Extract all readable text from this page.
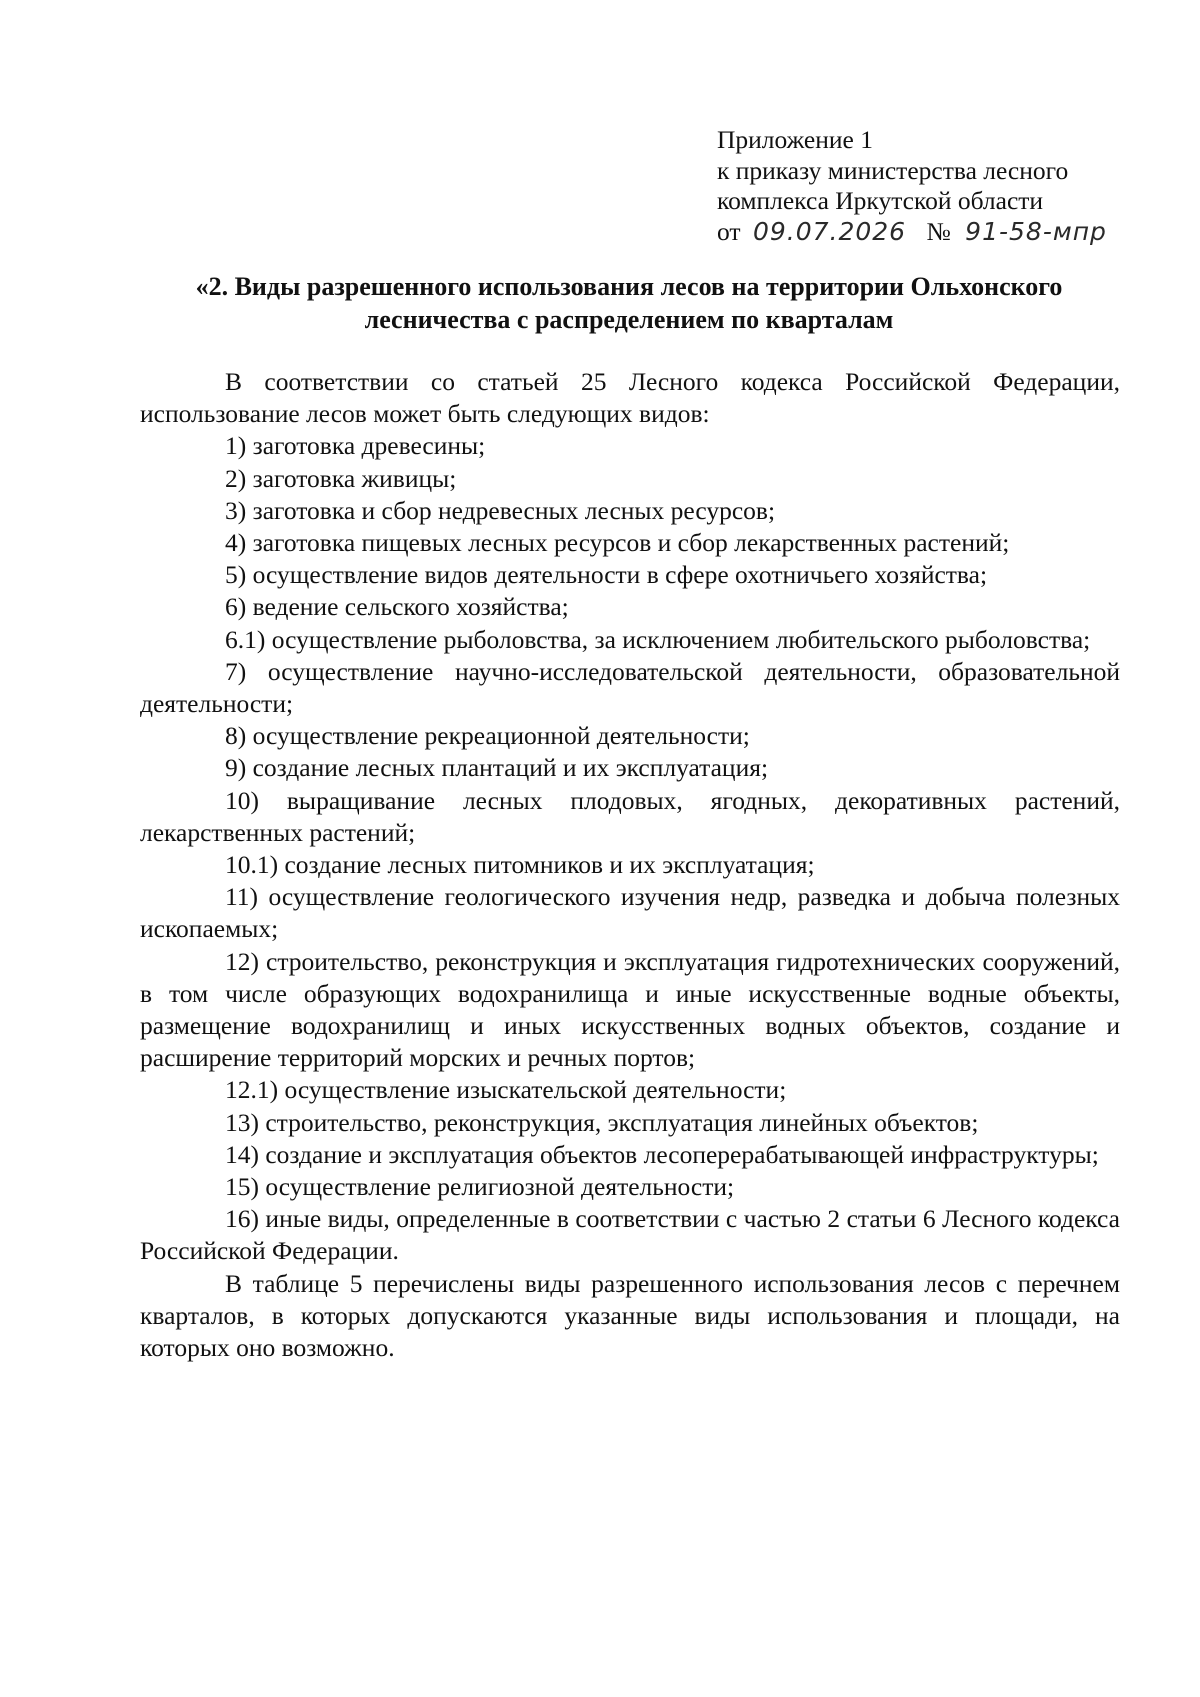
Приложение 1
к приказу министерства лесного
комплекса Иркутской области
от 09.07.2026 № 91-58-мпр
«2. Виды разрешенного использования лесов на территории Ольхонского
лесничества с распределением по кварталам

В соответствии со статьей 25 Лесного кодекса Российской Федерации, использование лесов может быть следующих видов:

1) заготовка древесины;

2) заготовка живицы;

3) заготовка и сбор недревесных лесных ресурсов;

4) заготовка пищевых лесных ресурсов и сбор лекарственных растений;

5) осуществление видов деятельности в сфере охотничьего хозяйства;

6) ведение сельского хозяйства;

6.1) осуществление рыболовства, за исключением любительского рыболовства;

7) осуществление научно-исследовательской деятельности, образовательной деятельности;

8) осуществление рекреационной деятельности;

9) создание лесных плантаций и их эксплуатация;

10) выращивание лесных плодовых, ягодных, декоративных растений, лекарственных растений;

10.1) создание лесных питомников и их эксплуатация;

11) осуществление геологического изучения недр, разведка и добыча полезных ископаемых;

12) строительство, реконструкция и эксплуатация гидротехнических сооружений, в том числе образующих водохранилища и иные искусственные водные объекты, размещение водохранилищ и иных искусственных водных объектов, создание и расширение территорий морских и речных портов;

12.1) осуществление изыскательской деятельности;

13) строительство, реконструкция, эксплуатация линейных объектов;

14) создание и эксплуатация объектов лесоперерабатывающей инфраструктуры;

15) осуществление религиозной деятельности;

16) иные виды, определенные в соответствии с частью 2 статьи 6 Лесного кодекса Российской Федерации.

В таблице 5 перечислены виды разрешенного использования лесов с перечнем кварталов, в которых допускаются указанные виды использования и площади, на которых оно возможно.
